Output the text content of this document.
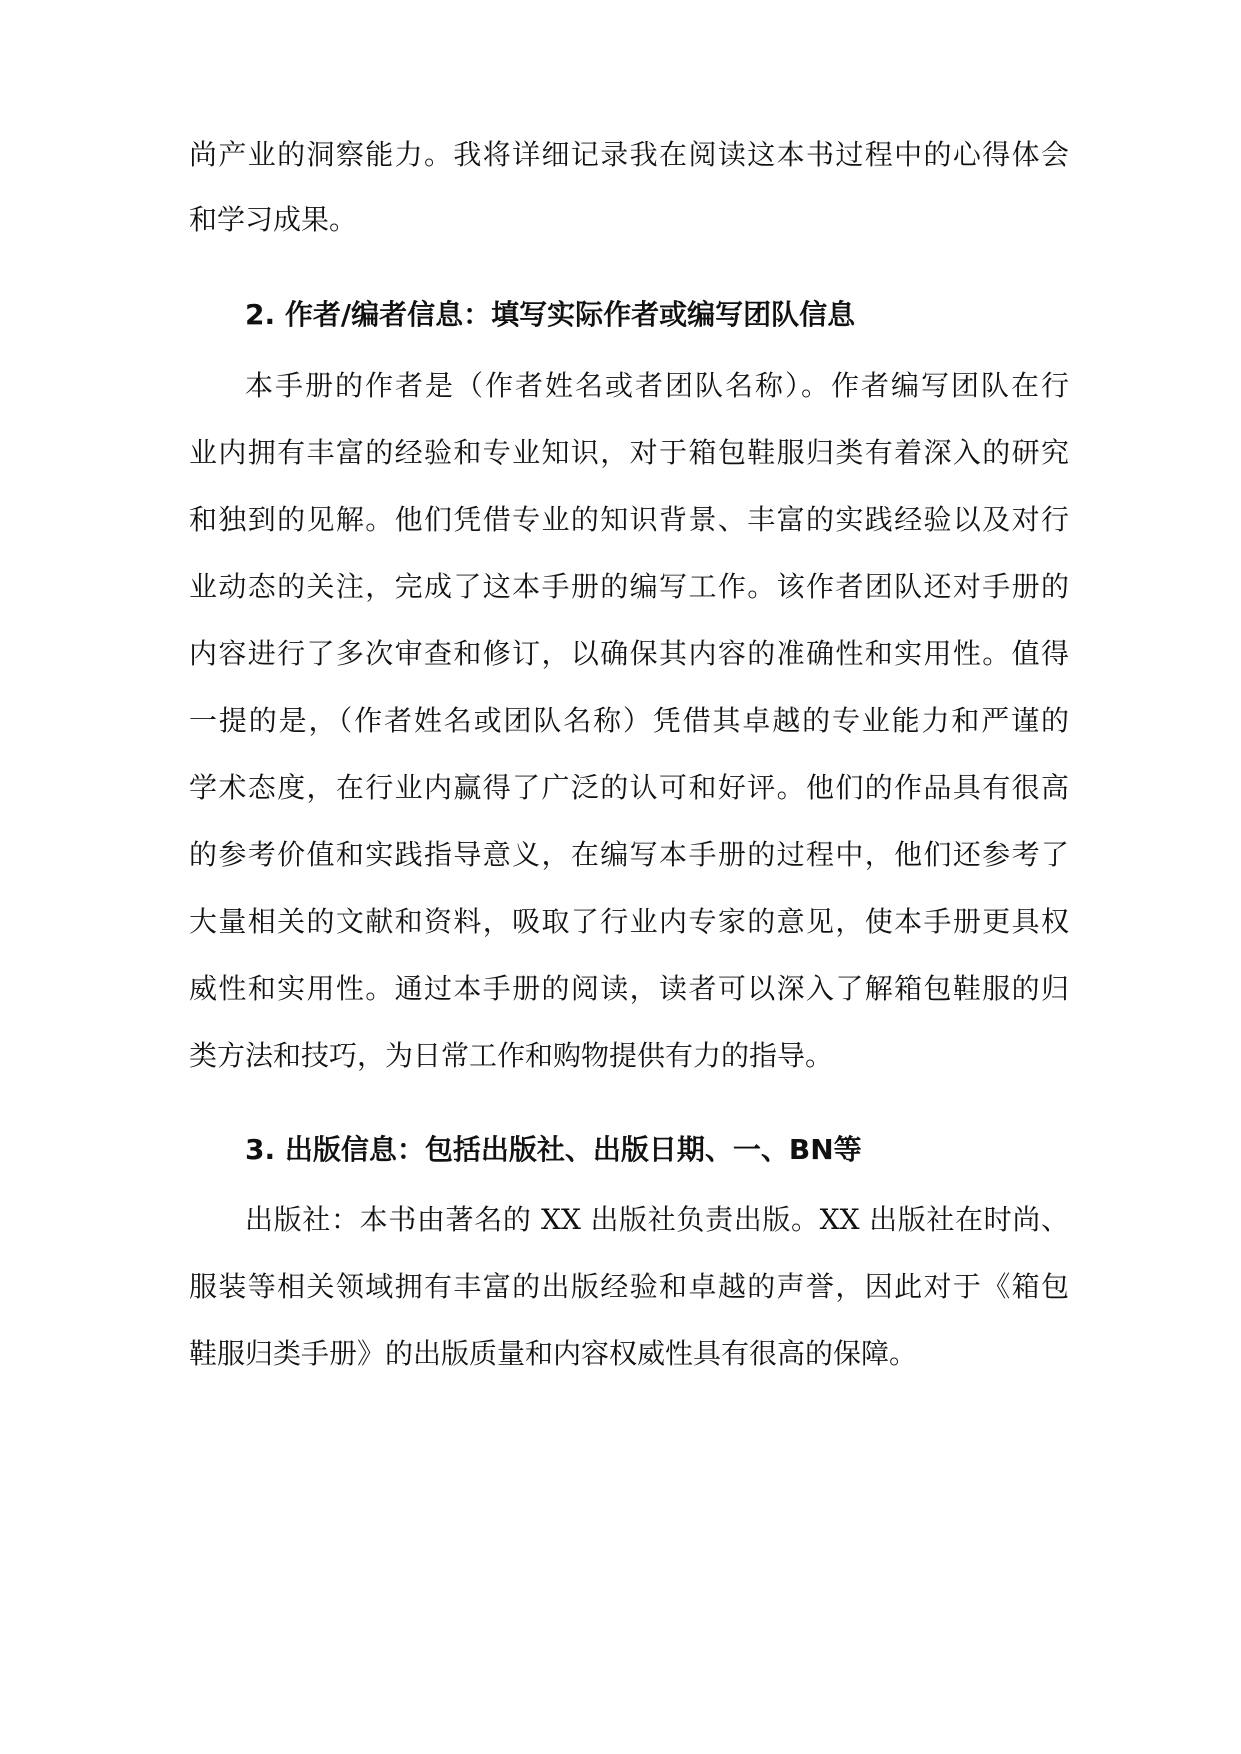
尚产业的洞察能力。我将详细记录我在阅读这本书过程中的心得体会
和学习成果。
2. 作者/编者信息：填写实际作者或编写团队信息
本手册的作者是（作者姓名或者团队名称）。作者编写团队在行
业内拥有丰富的经验和专业知识，对于箱包鞋服归类有着深入的研究
和独到的见解。他们凭借专业的知识背景、丰富的实践经验以及对行
业动态的关注，完成了这本手册的编写工作。该作者团队还对手册的
内容进行了多次审查和修订，以确保其内容的准确性和实用性。值得
一提的是，（作者姓名或团队名称）凭借其卓越的专业能力和严谨的
学术态度，在行业内赢得了广泛的认可和好评。他们的作品具有很高
的参考价值和实践指导意义，在编写本手册的过程中，他们还参考了
大量相关的文献和资料，吸取了行业内专家的意见，使本手册更具权
威性和实用性。通过本手册的阅读，读者可以深入了解箱包鞋服的归
类方法和技巧，为日常工作和购物提供有力的指导。
3. 出版信息：包括出版社、出版日期、一、BN等
出版社：本书由著名的 XX 出版社负责出版。XX 出版社在时尚、
服装等相关领域拥有丰富的出版经验和卓越的声誉，因此对于《箱包
鞋服归类手册》的出版质量和内容权威性具有很高的保障。
